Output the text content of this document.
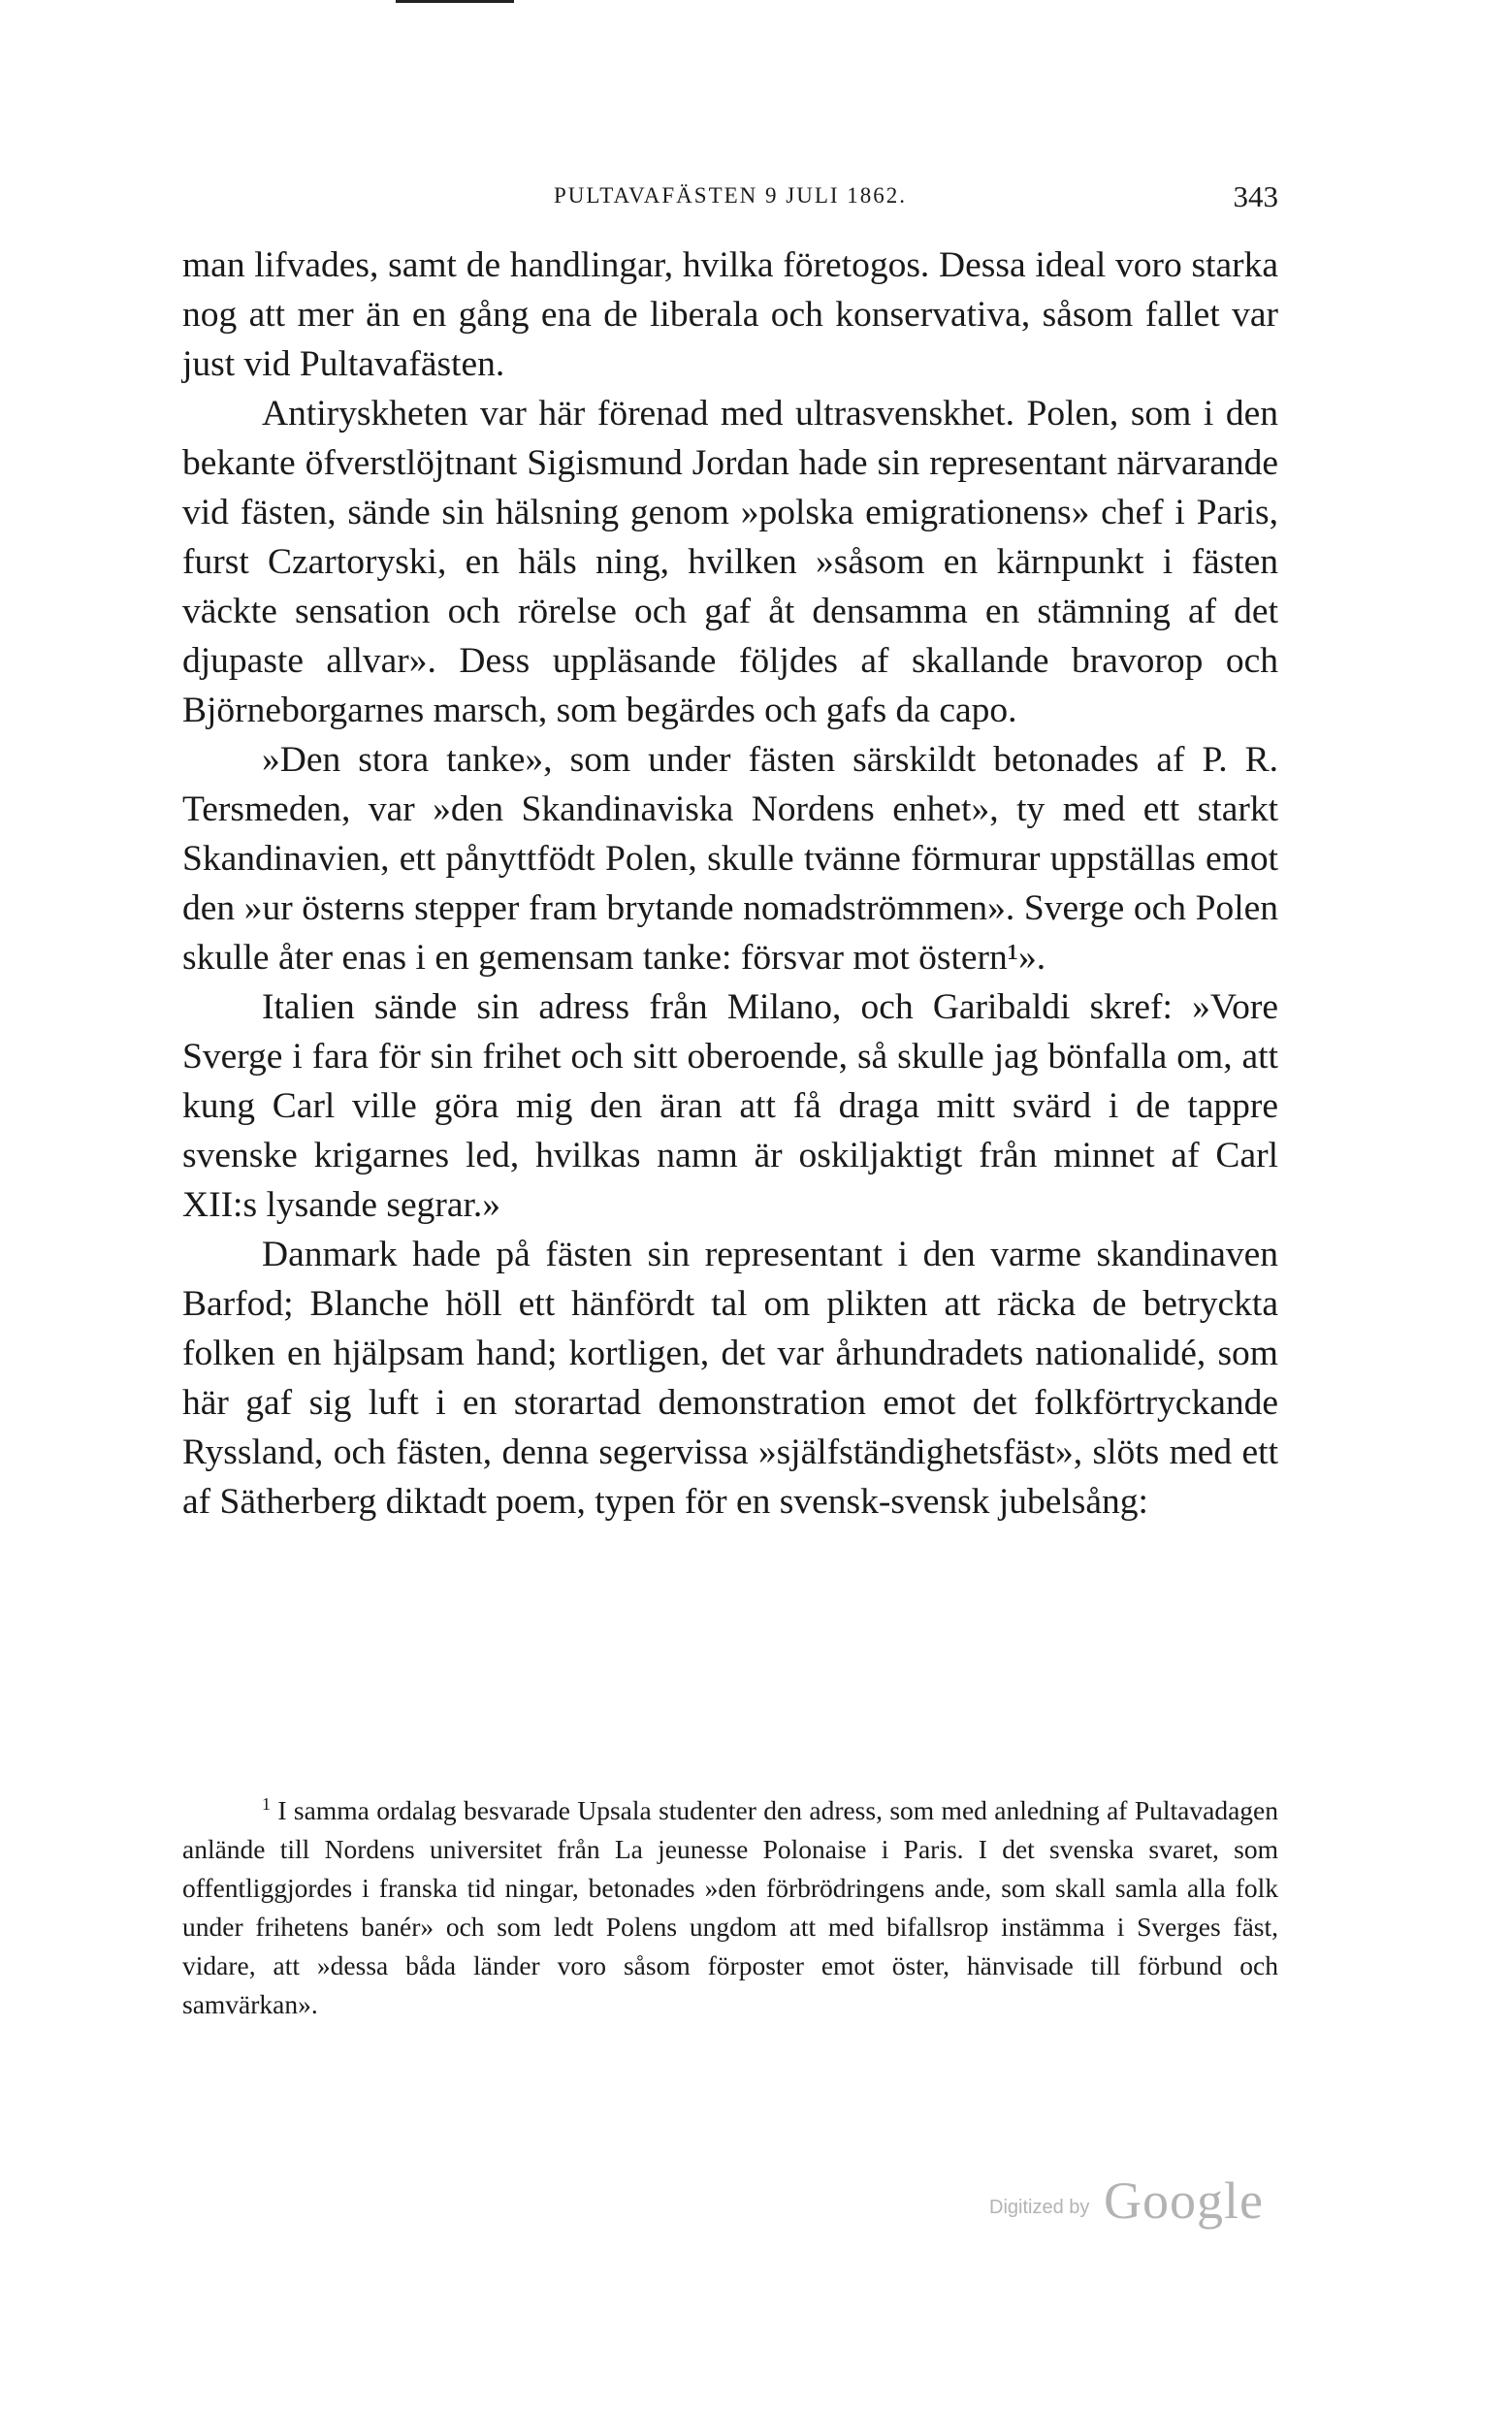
PULTAVAFÄSTEN 9 JULI 1862.	343

man lifvades, samt de handlingar, hvilka företogos. Dessa ideal voro starka nog att mer än en gång ena de liberala och konservativa, såsom fallet var just vid Pultavafästen.

Antiryskheten var här förenad med ultrasvenskhet. Polen, som i den bekante öfverstlöjtnant Sigismund Jordan hade sin representant närvarande vid fästen, sände sin hälsning genom »polska emigrationens» chef i Paris, furst Czartoryski, en häls ning, hvilken »såsom en kärnpunkt i fästen väckte sensation och rörelse och gaf åt densamma en stämning af det djupaste allvar». Dess uppläsande följdes af skallande bravorop och Björneborgarnes marsch, som begärdes och gafs da capo.

»Den stora tanke», som under fästen särskildt betonades af P. R. Tersmeden, var »den Skandinaviska Nordens enhet», ty med ett starkt Skandinavien, ett pånyttfödt Polen, skulle tvänne förmurar uppställas emot den »ur österns stepper fram brytande nomadströmmen». Sverge och Polen skulle åter enas i en gemensam tanke: försvar mot östern¹».

Italien sände sin adress från Milano, och Garibaldi skref: »Vore Sverge i fara för sin frihet och sitt oberoende, så skulle jag bönfalla om, att kung Carl ville göra mig den äran att få draga mitt svärd i de tappre svenske krigarnes led, hvilkas namn är oskiljaktigt från minnet af Carl XII:s lysande segrar.»

Danmark hade på fästen sin representant i den varme skandinaven Barfod; Blanche höll ett hänfördt tal om plikten att räcka de betryckta folken en hjälpsam hand; kortligen, det var århundradets nationalidé, som här gaf sig luft i en storartad demonstration emot det folkförtryckande Ryssland, och fästen, denna segervissa »själfständighetsfäst», slöts med ett af Sätherberg diktadt poem, typen för en svensk-svensk jubelsång:

$^1$ I samma ordalag besvarade Upsala studenter den adress, som med anledning af Pultavadagen anlände till Nordens universitet från La jeunesse Polonaise i Paris. I det svenska svaret, som offentliggjordes i franska tid ningar, betonades »den förbrödringens ande, som skall samla alla folk under frihetens banér» och som ledt Polens ungdom att med bifallsrop instämma i Sverges fäst, vidare, att »dessa båda länder voro såsom förposter emot öster, hänvisade till förbund och samvärkan».

Digitized by Google
